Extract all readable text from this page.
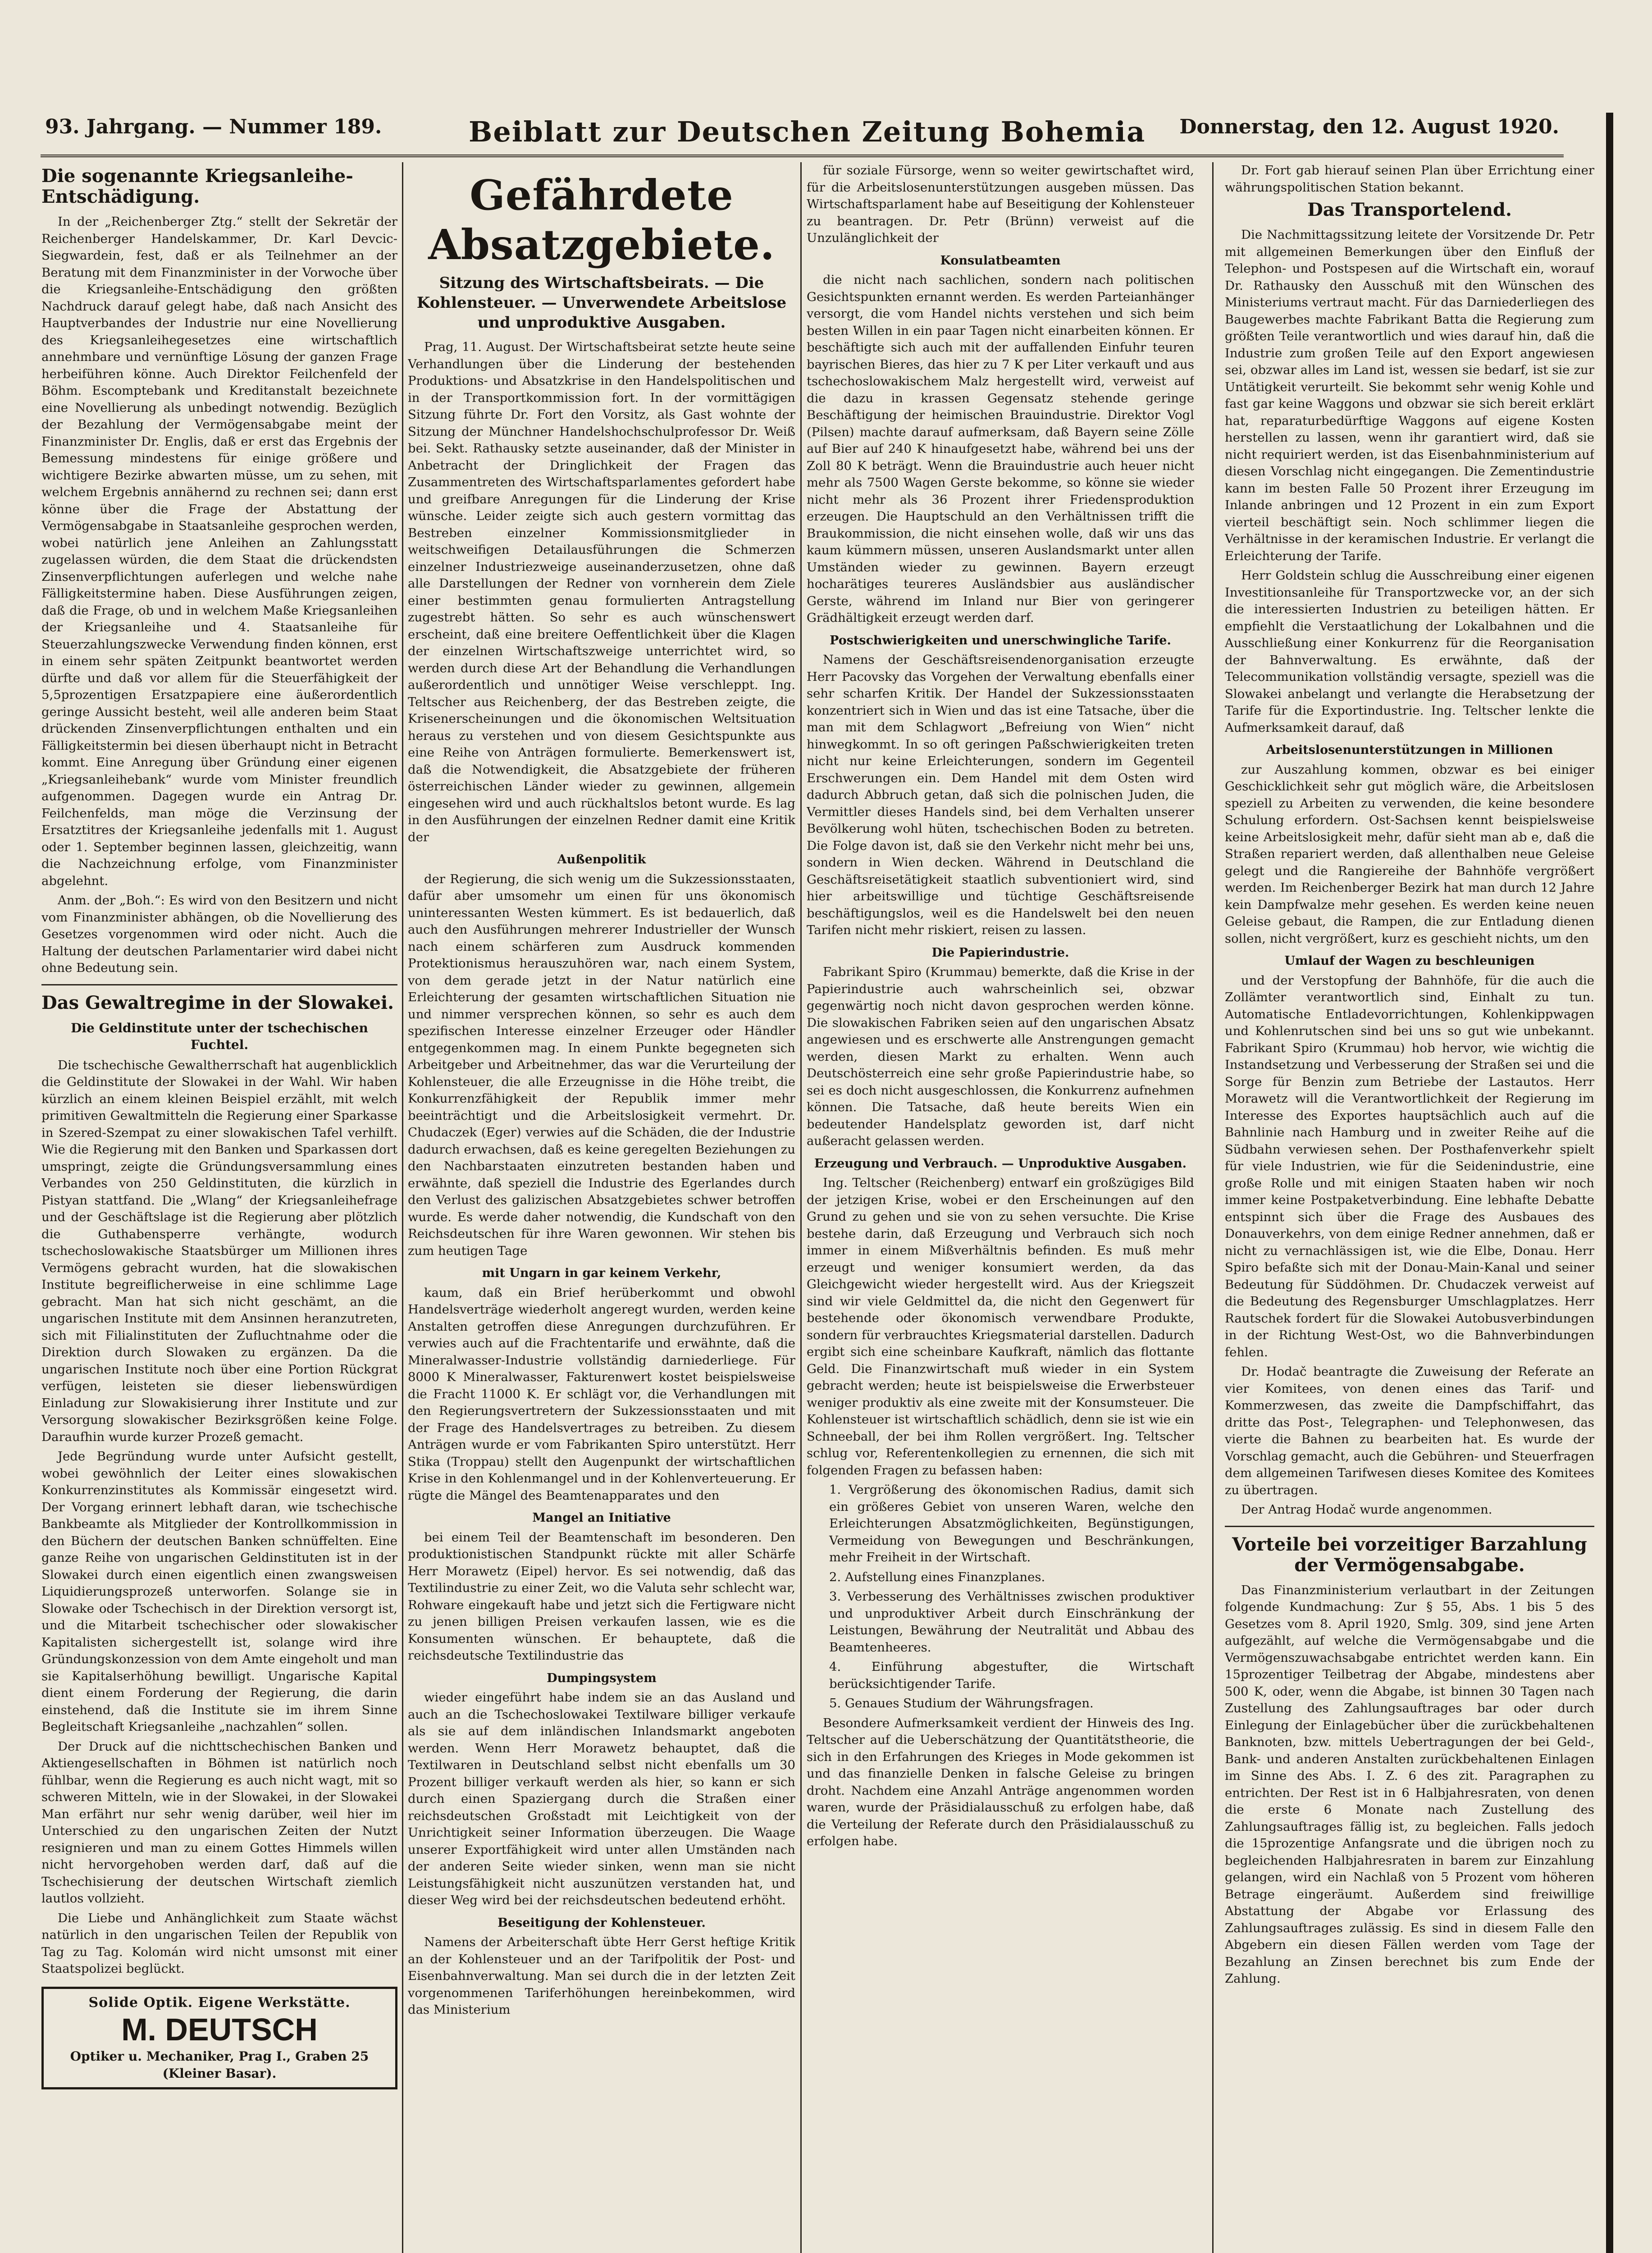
93. Jahrgang. — Nummer 189.	Beiblatt zur Deutschen Zeitung Bohemia Donnerstag, den 12. August 1920.
Die sogenannte Kriegsanleihe-Entschädigung.

In der „Reichenberger Ztg.“ stellt der Sekretär der Reichenberger Handelskammer, Dr. Karl Devcic-Siegwardein, fest, daß er als Teilnehmer an der Beratung mit dem Finanzminister in der Vorwoche über die Kriegsanleihe-Entschädigung den größten Nachdruck darauf gelegt habe, daß nach Ansicht des Hauptverbandes der Industrie nur eine Novellierung des Kriegsanleihegesetzes eine wirtschaftlich annehmbare und vernünftige Lösung der ganzen Frage herbeiführen könne. Auch Direktor Feilchenfeld der Böhm. Escomptebank und Kreditanstalt bezeichnete eine Novellierung als unbedingt notwendig. Bezüglich der Bezahlung der Vermögensabgabe meint der Finanzminister Dr. Englis, daß er erst das Ergebnis der Bemessung mindestens für einige größere und wichtigere Bezirke abwarten müsse, um zu sehen, mit welchem Ergebnis annähernd zu rechnen sei; dann erst könne über die Frage der Abstattung der Vermögensabgabe in Staatsanleihe gesprochen werden, wobei natürlich jene Anleihen an Zahlungsstatt zugelassen würden, die dem Staat die drückendsten Zinsenverpflichtungen auferlegen und welche nahe Fälligkeitstermine haben. Diese Ausführungen zeigen, daß die Frage, ob und in welchem Maße Kriegsanleihen der Kriegsanleihe und 4. Staatsanleihe für Steuerzahlungszwecke Verwendung finden können, erst in einem sehr späten Zeitpunkt beantwortet werden dürfte und daß vor allem für die Steuerfähigkeit der 5,5prozentigen Ersatzpapiere eine äußerordentlich geringe Aussicht besteht, weil alle anderen beim Staat drückenden Zinsenverpflichtungen enthalten und ein Fälligkeitstermin bei diesen überhaupt nicht in Betracht kommt. Eine Anregung über Gründung einer eigenen „Kriegsanleihebank“ wurde vom Minister freundlich aufgenommen. Dagegen wurde ein Antrag Dr. Feilchenfelds, man möge die Verzinsung der Ersatztitres der Kriegsanleihe jedenfalls mit 1. August oder 1. September beginnen lassen, gleichzeitig, wann die Nachzeichnung erfolge, vom Finanzminister abgelehnt.

Anm. der „Boh.“: Es wird von den Besitzern und nicht vom Finanzminister abhängen, ob die Novellierung des Gesetzes vorgenommen wird oder nicht. Auch die Haltung der deutschen Parlamentarier wird dabei nicht ohne Bedeutung sein.

Das Gewaltregime in der Slowakei.
Die Geldinstitute unter der tschechischen Fuchtel.

Die tschechische Gewaltherrschaft hat augenblicklich die Geldinstitute der Slowakei in der Wahl. Wir haben kürzlich an einem kleinen Beispiel erzählt, mit welch primitiven Gewaltmitteln die Regierung einer Sparkasse in Szered-Szempat zu einer slowakischen Tafel verhilft. Wie die Regierung mit den Banken und Sparkassen dort umspringt, zeigte die Gründungsversammlung eines Verbandes von 250 Geldinstituten, die kürzlich in Pistyan stattfand. Die „Wlang“ der Kriegsanleihefrage und der Geschäftslage ist die Regierung aber plötzlich die Guthabensperre verhängte, wodurch tschechoslowakische Staatsbürger um Millionen ihres Vermögens gebracht wurden, hat die slowakischen Institute begreiflicherweise in eine schlimme Lage gebracht. Man hat sich nicht geschämt, an die ungarischen Institute mit dem Ansinnen heranzutreten, sich mit Filialinstituten der Zufluchtnahme oder die Direktion durch Slowaken zu ergänzen. Da die ungarischen Institute noch über eine Portion Rückgrat verfügen, leisteten sie dieser liebenswürdigen Einladung zur Slowakisierung ihrer Institute und zur Versorgung slowakischer Bezirksgrößen keine Folge. Daraufhin wurde kurzer Prozeß gemacht.

Jede Begründung wurde unter Aufsicht gestellt, wobei gewöhnlich der Leiter eines slowakischen Konkurrenzinstitutes als Kommissär eingesetzt wird. Der Vorgang erinnert lebhaft daran, wie tschechische Bankbeamte als Mitglieder der Kontrollkommission in den Büchern der deutschen Banken schnüffelten. Eine ganze Reihe von ungarischen Geldinstituten ist in der Slowakei durch einen eigentlich einen zwangsweisen Liquidierungsprozeß unterworfen. Solange sie in Slowake oder Tschechisch in der Direktion versorgt ist, und die Mitarbeit tschechischer oder slowakischer Kapitalisten sichergestellt ist, solange wird ihre Gründungskonzession von dem Amte eingeholt und man sie Kapitalserhöhung bewilligt. Ungarische Kapital dient einem Forderung der Regierung, die darin einstehend, daß die Institute sie im ihrem Sinne Begleitschaft Kriegsanleihe „nachzahlen“ sollen.

Der Druck auf die nichttschechischen Banken und Aktiengesellschaften in Böhmen ist natürlich noch fühlbar, wenn die Regierung es auch nicht wagt, mit so schweren Mitteln, wie in der Slowakei, in der Slowakei Man erfährt nur sehr wenig darüber, weil hier im Unterschied zu den ungarischen Zeiten der Nutzt resignieren und man zu einem Gottes Himmels willen nicht hervorgehoben werden darf, daß auf die Tschechisierung der deutschen Wirtschaft ziemlich lautlos vollzieht.

Die Liebe und Anhänglichkeit zum Staate wächst natürlich in den ungarischen Teilen der Republik von Tag zu Tag. Kolomán wird nicht umsonst mit einer Staatspolizei beglückt.

Solide Optik. Eigene Werkstätte.
M. DEUTSCH
Optiker u. Mechaniker, Prag I., Graben 25
(Kleiner Basar).
Gefährdete Absatzgebiete.
Sitzung des Wirtschaftsbeirats. — Die Kohlensteuer. — Unverwendete Arbeitslose und unproduktive Ausgaben.

Prag, 11. August. Der Wirtschaftsbeirat setzte heute seine Verhandlungen über die Linderung der bestehenden Produktions- und Absatzkrise in den Handelspolitischen und in der Transportkommission fort. In der vormittägigen Sitzung führte Dr. Fort den Vorsitz, als Gast wohnte der Sitzung der Münchner Handelshochschulprofessor Dr. Weiß bei. Sekt. Rathausky setzte auseinander, daß der Minister in Anbetracht der Dringlichkeit der Fragen das Zusammentreten des Wirtschaftsparlamentes gefordert habe und greifbare Anregungen für die Linderung der Krise wünsche. Leider zeigte sich auch gestern vormittag das Bestreben einzelner Kommissionsmitglieder in weitschweifigen Detailausführungen die Schmerzen einzelner Industriezweige auseinanderzusetzen, ohne daß alle Darstellungen der Redner von vornherein dem Ziele einer bestimmten genau formulierten Antragstellung zugestrebt hätten. So sehr es auch wünschenswert erscheint, daß eine breitere Oeffentlichkeit über die Klagen der einzelnen Wirtschaftszweige unterrichtet wird, so werden durch diese Art der Behandlung die Verhandlungen außerordentlich und unnötiger Weise verschleppt. Ing. Teltscher aus Reichenberg, der das Bestreben zeigte, die Krisenerscheinungen und die ökonomischen Weltsituation heraus zu verstehen und von diesem Gesichtspunkte aus eine Reihe von Anträgen formulierte. Bemerkenswert ist, daß die Notwendigkeit, die Absatzgebiete der früheren österreichischen Länder wieder zu gewinnen, allgemein eingesehen wird und auch rückhaltslos betont wurde. Es lag in den Ausführungen der einzelnen Redner damit eine Kritik der

Außenpolitik

der Regierung, die sich wenig um die Sukzessionsstaaten, dafür aber umsomehr um einen für uns ökonomisch uninteressanten Westen kümmert. Es ist bedauerlich, daß auch den Ausführungen mehrerer Industrieller der Wunsch nach einem schärferen zum Ausdruck kommenden Protektionismus herauszuhören war, nach einem System, von dem gerade jetzt in der Natur natürlich eine Erleichterung der gesamten wirtschaftlichen Situation nie und nimmer versprechen können, so sehr es auch dem spezifischen Interesse einzelner Erzeuger oder Händler entgegenkommen mag. In einem Punkte begegneten sich Arbeitgeber und Arbeitnehmer, das war die Verurteilung der Kohlensteuer, die alle Erzeugnisse in die Höhe treibt, die Konkurrenzfähigkeit der Republik immer mehr beeinträchtigt und die Arbeitslosigkeit vermehrt. Dr. Chudaczek (Eger) verwies auf die Schäden, die der Industrie dadurch erwachsen, daß es keine geregelten Beziehungen zu den Nachbarstaaten einzutreten bestanden haben und erwähnte, daß speziell die Industrie des Egerlandes durch den Verlust des galizischen Absatzgebietes schwer betroffen wurde. Es werde daher notwendig, die Kundschaft von den Reichsdeutschen für ihre Waren gewonnen. Wir stehen bis zum heutigen Tage

mit Ungarn in gar keinem Verkehr,

kaum, daß ein Brief herüberkommt und obwohl Handelsverträge wiederholt angeregt wurden, werden keine Anstalten getroffen diese Anregungen durchzuführen. Er verwies auch auf die Frachtentarife und erwähnte, daß die Mineralwasser-Industrie vollständig darniederliege. Für 8000 K Mineralwasser, Fakturenwert kostet beispielsweise die Fracht 11000 K. Er schlägt vor, die Verhandlungen mit den Regierungsvertretern der Sukzessionsstaaten und mit der Frage des Handelsvertrages zu betreiben. Zu diesem Anträgen wurde er vom Fabrikanten Spiro unterstützt. Herr Stika (Troppau) stellt den Augenpunkt der wirtschaftlichen Krise in den Kohlenmangel und in der Kohlenverteuerung. Er rügte die Mängel des Beamtenapparates und den

Mangel an Initiative

bei einem Teil der Beamtenschaft im besonderen. Den produktionistischen Standpunkt rückte mit aller Schärfe Herr Morawetz (Eipel) hervor. Es sei notwendig, daß das Textilindustrie zu einer Zeit, wo die Valuta sehr schlecht war, Rohware eingekauft habe und jetzt sich die Fertigware nicht zu jenen billigen Preisen verkaufen lassen, wie es die Konsumenten wünschen. Er behauptete, daß die reichsdeutsche Textilindustrie das

Dumpingsystem

wieder eingeführt habe indem sie an das Ausland und auch an die Tschechoslowakei Textilware billiger verkaufe als sie auf dem inländischen Inlandsmarkt angeboten werden. Wenn Herr Morawetz behauptet, daß die Textilwaren in Deutschland selbst nicht ebenfalls um 30 Prozent billiger verkauft werden als hier, so kann er sich durch einen Spaziergang durch die Straßen einer reichsdeutschen Großstadt mit Leichtigkeit von der Unrichtigkeit seiner Information überzeugen. Die Waage unserer Exportfähigkeit wird unter allen Umständen nach der anderen Seite wieder sinken, wenn man sie nicht Leistungsfähigkeit nicht auszunützen verstanden hat, und dieser Weg wird bei der reichsdeutschen bedeutend erhöht.

Beseitigung der Kohlensteuer.

Namens der Arbeiterschaft übte Herr Gerst heftige Kritik an der Kohlensteuer und an der Tarifpolitik der Post- und Eisenbahnverwaltung. Man sei durch die in der letzten Zeit vorgenommenen Tariferhöhungen hereinbekommen, wird das Ministerium

für soziale Fürsorge, wenn so weiter gewirtschaftet wird, für die Arbeitslosenunterstützungen ausgeben müssen. Das Wirtschaftsparlament habe auf Beseitigung der Kohlensteuer zu beantragen. Dr. Petr (Brünn) verweist auf die Unzulänglichkeit der

Konsulatbeamten

die nicht nach sachlichen, sondern nach politischen Gesichtspunkten ernannt werden. Es werden Parteianhänger versorgt, die vom Handel nichts verstehen und sich beim besten Willen in ein paar Tagen nicht einarbeiten können. Er beschäftigte sich auch mit der auffallenden Einfuhr teuren bayrischen Bieres, das hier zu 7 K per Liter verkauft und aus tschechoslowakischem Malz hergestellt wird, verweist auf die dazu in krassen Gegensatz stehende geringe Beschäftigung der heimischen Brauindustrie. Direktor Vogl (Pilsen) machte darauf aufmerksam, daß Bayern seine Zölle auf Bier auf 240 K hinaufgesetzt habe, während bei uns der Zoll 80 K beträgt. Wenn die Brauindustrie auch heuer nicht mehr als 7500 Wagen Gerste bekomme, so könne sie wieder nicht mehr als 36 Prozent ihrer Friedensproduktion erzeugen. Die Hauptschuld an den Verhältnissen trifft die Braukommission, die nicht einsehen wolle, daß wir uns das kaum kümmern müssen, unseren Auslandsmarkt unter allen Umständen wieder zu gewinnen. Bayern erzeugt hocharätiges teureres Ausländsbier aus ausländischer Gerste, während im Inland nur Bier von geringerer Grädhältigkeit erzeugt werden darf.

Postschwierigkeiten und unerschwingliche Tarife.

Namens der Geschäftsreisendenorganisation erzeugte Herr Pacovsky das Vorgehen der Verwaltung ebenfalls einer sehr scharfen Kritik. Der Handel der Sukzessionsstaaten konzentriert sich in Wien und das ist eine Tatsache, über die man mit dem Schlagwort „Befreiung von Wien“ nicht hinwegkommt. In so oft geringen Paßschwierigkeiten treten nicht nur keine Erleichterungen, sondern im Gegenteil Erschwerungen ein. Dem Handel mit dem Osten wird dadurch Abbruch getan, daß sich die polnischen Juden, die Vermittler dieses Handels sind, bei dem Verhalten unserer Bevölkerung wohl hüten, tschechischen Boden zu betreten. Die Folge davon ist, daß sie den Verkehr nicht mehr bei uns, sondern in Wien decken. Während in Deutschland die Geschäftsreisetätigkeit staatlich subventioniert wird, sind hier arbeitswillige und tüchtige Geschäftsreisende beschäftigungslos, weil es die Handelswelt bei den neuen Tarifen nicht mehr riskiert, reisen zu lassen.

Die Papierindustrie.

Fabrikant Spiro (Krummau) bemerkte, daß die Krise in der Papierindustrie auch wahrscheinlich sei, obzwar gegenwärtig noch nicht davon gesprochen werden könne. Die slowakischen Fabriken seien auf den ungarischen Absatz angewiesen und es erschwerte alle Anstrengungen gemacht werden, diesen Markt zu erhalten. Wenn auch Deutschösterreich eine sehr große Papierindustrie habe, so sei es doch nicht ausgeschlossen, die Konkurrenz aufnehmen können. Die Tatsache, daß heute bereits Wien ein bedeutender Handelsplatz geworden ist, darf nicht außeracht gelassen werden.

Erzeugung und Verbrauch. — Unproduktive Ausgaben.

Ing. Teltscher (Reichenberg) entwarf ein großzügiges Bild der jetzigen Krise, wobei er den Erscheinungen auf den Grund zu gehen und sie von zu sehen versuchte. Die Krise bestehe darin, daß Erzeugung und Verbrauch sich noch immer in einem Mißverhältnis befinden. Es muß mehr erzeugt und weniger konsumiert werden, da das Gleichgewicht wieder hergestellt wird. Aus der Kriegszeit sind wir viele Geldmittel da, die nicht den Gegenwert für bestehende oder ökonomisch verwendbare Produkte, sondern für verbrauchtes Kriegsmaterial darstellen. Dadurch ergibt sich eine scheinbare Kaufkraft, nämlich das flottante Geld. Die Finanzwirtschaft muß wieder in ein System gebracht werden; heute ist beispielsweise die Erwerbsteuer weniger produktiv als eine zweite mit der Konsumsteuer. Die Kohlensteuer ist wirtschaftlich schädlich, denn sie ist wie ein Schneeball, der bei ihm Rollen vergrößert. Ing. Teltscher schlug vor, Referentenkollegien zu ernennen, die sich mit folgenden Fragen zu befassen haben:

1. Vergrößerung des ökonomischen Radius, damit sich ein größeres Gebiet von unseren Waren, welche den Erleichterungen Absatzmöglichkeiten, Begünstigungen, Vermeidung von Bewegungen und Beschränkungen, mehr Freiheit in der Wirtschaft.

2. Aufstellung eines Finanzplanes.

3. Verbesserung des Verhältnisses zwischen produktiver und unproduktiver Arbeit durch Einschränkung der Leistungen, Bewährung der Neutralität und Abbau des Beamtenheeres.

4. Einführung abgestufter, die Wirtschaft berücksichtigender Tarife.

5. Genaues Studium der Währungsfragen.

Besondere Aufmerksamkeit verdient der Hinweis des Ing. Teltscher auf die Ueberschätzung der Quantitätstheorie, die sich in den Erfahrungen des Krieges in Mode gekommen ist und das finanzielle Denken in falsche Geleise zu bringen droht. Nachdem eine Anzahl Anträge angenommen worden waren, wurde der Präsidialausschuß zu erfolgen habe, daß die Verteilung der Referate durch den Präsidialausschuß zu erfolgen habe.

Dr. Fort gab hierauf seinen Plan über Errichtung einer währungspolitischen Station bekannt.

Das Transportelend.

Die Nachmittagssitzung leitete der Vorsitzende Dr. Petr mit allgemeinen Bemerkungen über den Einfluß der Telephon- und Postspesen auf die Wirtschaft ein, worauf Dr. Rathausky den Ausschuß mit den Wünschen des Ministeriums vertraut macht. Für das Darniederliegen des Baugewerbes machte Fabrikant Batta die Regierung zum größten Teile verantwortlich und wies darauf hin, daß die Industrie zum großen Teile auf den Export angewiesen sei, obzwar alles im Land ist, wessen sie bedarf, ist sie zur Untätigkeit verurteilt. Sie bekommt sehr wenig Kohle und fast gar keine Waggons und obzwar sie sich bereit erklärt hat, reparaturbedürftige Waggons auf eigene Kosten herstellen zu lassen, wenn ihr garantiert wird, daß sie nicht requiriert werden, ist das Eisenbahnministerium auf diesen Vorschlag nicht eingegangen. Die Zementindustrie kann im besten Falle 50 Prozent ihrer Erzeugung im Inlande anbringen und 12 Prozent in ein zum Export vierteil beschäftigt sein. Noch schlimmer liegen die Verhältnisse in der keramischen Industrie. Er verlangt die Erleichterung der Tarife.

Herr Goldstein schlug die Ausschreibung einer eigenen Investitionsanleihe für Transportzwecke vor, an der sich die interessierten Industrien zu beteiligen hätten. Er empfiehlt die Verstaatlichung der Lokalbahnen und die Ausschließung einer Konkurrenz für die Reorganisation der Bahnverwaltung. Es erwähnte, daß der Telecommunikation vollständig versagte, speziell was die Slowakei anbelangt und verlangte die Herabsetzung der Tarife für die Exportindustrie. Ing. Teltscher lenkte die Aufmerksamkeit darauf, daß

Arbeitslosenunterstützungen in Millionen

zur Auszahlung kommen, obzwar es bei einiger Geschicklichkeit sehr gut möglich wäre, die Arbeitslosen speziell zu Arbeiten zu verwenden, die keine besondere Schulung erfordern. Ost-Sachsen kennt beispielsweise keine Arbeitslosigkeit mehr, dafür sieht man ab e, daß die Straßen repariert werden, daß allenthalben neue Geleise gelegt und die Rangiereihe der Bahnhöfe vergrößert werden. Im Reichenberger Bezirk hat man durch 12 Jahre kein Dampfwalze mehr gesehen. Es werden keine neuen Geleise gebaut, die Rampen, die zur Entladung dienen sollen, nicht vergrößert, kurz es geschieht nichts, um den

Umlauf der Wagen zu beschleunigen

und der Verstopfung der Bahnhöfe, für die auch die Zollämter verantwortlich sind, Einhalt zu tun. Automatische Entladevorrichtungen, Kohlenkippwagen und Kohlenrutschen sind bei uns so gut wie unbekannt. Fabrikant Spiro (Krummau) hob hervor, wie wichtig die Instandsetzung und Verbesserung der Straßen sei und die Sorge für Benzin zum Betriebe der Lastautos. Herr Morawetz will die Verantwortlichkeit der Regierung im Interesse des Exportes hauptsächlich auch auf die Bahnlinie nach Hamburg und in zweiter Reihe auf die Südbahn verwiesen sehen. Der Posthafenverkehr spielt für viele Industrien, wie für die Seidenindustrie, eine große Rolle und mit einigen Staaten haben wir noch immer keine Postpaketverbindung. Eine lebhafte Debatte entspinnt sich über die Frage des Ausbaues des Donauverkehrs, von dem einige Redner annehmen, daß er nicht zu vernachlässigen ist, wie die Elbe, Donau. Herr Spiro befaßte sich mit der Donau-Main-Kanal und seiner Bedeutung für Süddöhmen. Dr. Chudaczek verweist auf die Bedeutung des Regensburger Umschlagplatzes. Herr Rautschek fordert für die Slowakei Autobusverbindungen in der Richtung West-Ost, wo die Bahnverbindungen fehlen.

Dr. Hodač beantragte die Zuweisung der Referate an vier Komitees, von denen eines das Tarif- und Kommerzwesen, das zweite die Dampfschiffahrt, das dritte das Post-, Telegraphen- und Telephonwesen, das vierte die Bahnen zu bearbeiten hat. Es wurde der Vorschlag gemacht, auch die Gebühren- und Steuerfragen dem allgemeinen Tarifwesen dieses Komitee des Komitees zu übertragen.

Der Antrag Hodač wurde angenommen.

Vorteile bei vorzeitiger Barzahlung der Vermögensabgabe.

Das Finanzministerium verlautbart in der Zeitungen folgende Kundmachung: Zur § 55, Abs. 1 bis 5 des Gesetzes vom 8. April 1920, Smlg. 309, sind jene Arten aufgezählt, auf welche die Vermögensabgabe und die Vermögenszuwachsabgabe entrichtet werden kann. Ein 15prozentiger Teilbetrag der Abgabe, mindestens aber 500 K, oder, wenn die Abgabe, ist binnen 30 Tagen nach Zustellung des Zahlungsauftrages bar oder durch Einlegung der Einlagebücher über die zurückbehaltenen Banknoten, bzw. mittels Uebertragungen der bei Geld-, Bank- und anderen Anstalten zurückbehaltenen Einlagen im Sinne des Abs. I. Z. 6 des zit. Paragraphen zu entrichten. Der Rest ist in 6 Halbjahresraten, von denen die erste 6 Monate nach Zustellung des Zahlungsauftrages fällig ist, zu begleichen. Falls jedoch die 15prozentige Anfangsrate und die übrigen noch zu begleichenden Halbjahresraten in barem zur Einzahlung gelangen, wird ein Nachlaß von 5 Prozent vom höheren Betrage eingeräumt. Außerdem sind freiwillige Abstattung der Abgabe vor Erlassung des Zahlungsauftrages zulässig. Es sind in diesem Falle den Abgebern ein diesen Fällen werden vom Tage der Bezahlung an Zinsen berechnet bis zum Ende der Zahlung.
